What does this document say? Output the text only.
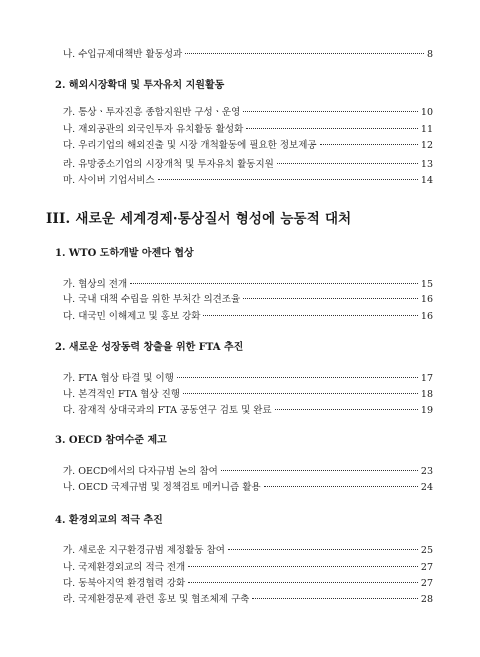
나. 수입규제대책반 활동성과	8
2. 해외시장확대 및 투자유치 지원활동
가. 통상ㆍ투자진흥 종합지원반 구성ㆍ운영	10
나. 재외공관의 외국인투자 유치활동 활성화	11
다. 우리기업의 해외진출 및 시장 개척활동에 필요한 정보제공	12
라. 유망중소기업의 시장개척 및 투자유치 활동지원	13
마. 사이버 기업서비스	14
III. 새로운 세계경제·통상질서 형성에 능동적 대처
1. WTO 도하개발 아젠다 협상
가. 협상의 전개	15
나. 국내 대책 수립을 위한 부처간 의견조율	16
다. 대국민 이해제고 및 홍보 강화	16
2. 새로운 성장동력 창출을 위한 FTA 추진
가. FTA 협상 타결 및 이행	17
나. 본격적인 FTA 협상 진행	18
다. 잠재적 상대국과의 FTA 공동연구 검토 및 완료	19
3. OECD 참여수준 제고
가. OECD에서의 다자규범 논의 참여	23
나. OECD 국제규범 및 정책검토 메커니즘 활용	24
4. 환경외교의 적극 추진
가. 새로운 지구환경규범 제정활동 참여	25
나. 국제환경외교의 적극 전개	27
다. 동북아지역 환경협력 강화	27
라. 국제환경문제 관련 홍보 및 협조체제 구축	28
